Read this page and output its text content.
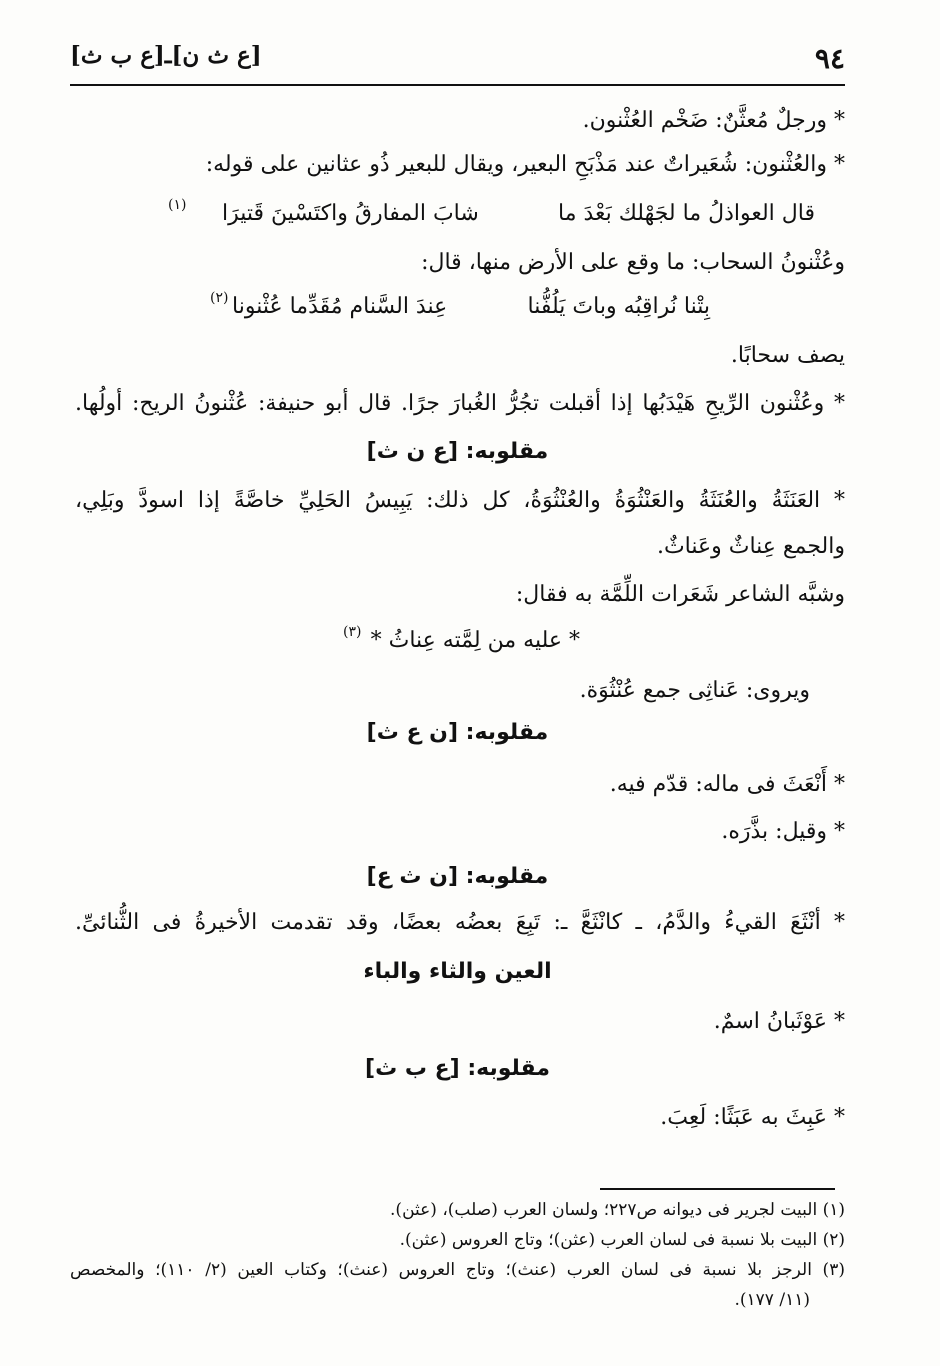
٩٤
[ع ث ن]ـ[ع ب ث]
* ورجلٌ مُعثَّنٌ: ضَخْم العُثْنون.
* والعُثْنون: شُعَيراتٌ عند مَذْبَحِ البعير، ويقال للبعير ذُو عثانين على قوله:
قال العواذلُ ما لجَهْلك بَعْدَ ما
شابَ المفارقُ واكتَسْينَ قَتيرَا
(١)
وعُثْنونُ السحاب: ما وقع على الأرض منها، قال:
بِتْنا نُراقِبُه وباتَ يَلُفُّنا
عِندَ السَّنام مُقَدِّما عُثْنونا
(٢)
يصف سحابًا.
* وعُثْنون الرِّيحِ هَيْدَبُها إذا أقبلت تجُرُّ الغُبارَ جرًا. قال أبو حنيفة: عُثْنونُ الريح: أولُها.
مقلوبه: [ع ن ث]
* العَنَثَةُ والعُنَثَةُ والعَنْثُوَةُ والعُنْثُوَةُ، كل ذلك: يَبِيسُ الحَلِيِّ خاصَّةً إذا اسودَّ وبَلِي،
والجمع عِناثٌ وعَناثٌ.
وشبَّه الشاعر شَعَرات اللِّمَّة به فقال:
* عليه من لِمَّته عِناثُ *
(٣)
ويروى: عَناثِى جمع عُنْثُوَة.
مقلوبه: [ن ع ث]
* أَنْعَثَ فى ماله: قدّم فيه.
* وقيل: بذَّرَه.
مقلوبه: [ن ث ع]
* أنْثَعَ القيءُ والدَّمُ، ـ كانْثَعَّ ـ: تَبِعَ بعضُه بعضًا، وقد تقدمت الأخيرةُ فى الثُّنائىِّ.
العين والثاء والباء
* عَوْثَبانُ اسمٌ.
مقلوبه: [ع ب ث]
* عَبِثَ به عَبَثًا: لَعِبَ.
(١) البيت لجرير فى ديوانه ص٢٢٧؛ ولسان العرب (صلب)، (عثن).
(٢) البيت بلا نسبة فى لسان العرب (عثن)؛ وتاج العروس (عثن).
(٣) الرجز بلا نسبة فى لسان العرب (عنث)؛ وتاج العروس (عنث)؛ وكتاب العين (٢/ ١١٠)؛ والمخصص
(١١/ ١٧٧).
